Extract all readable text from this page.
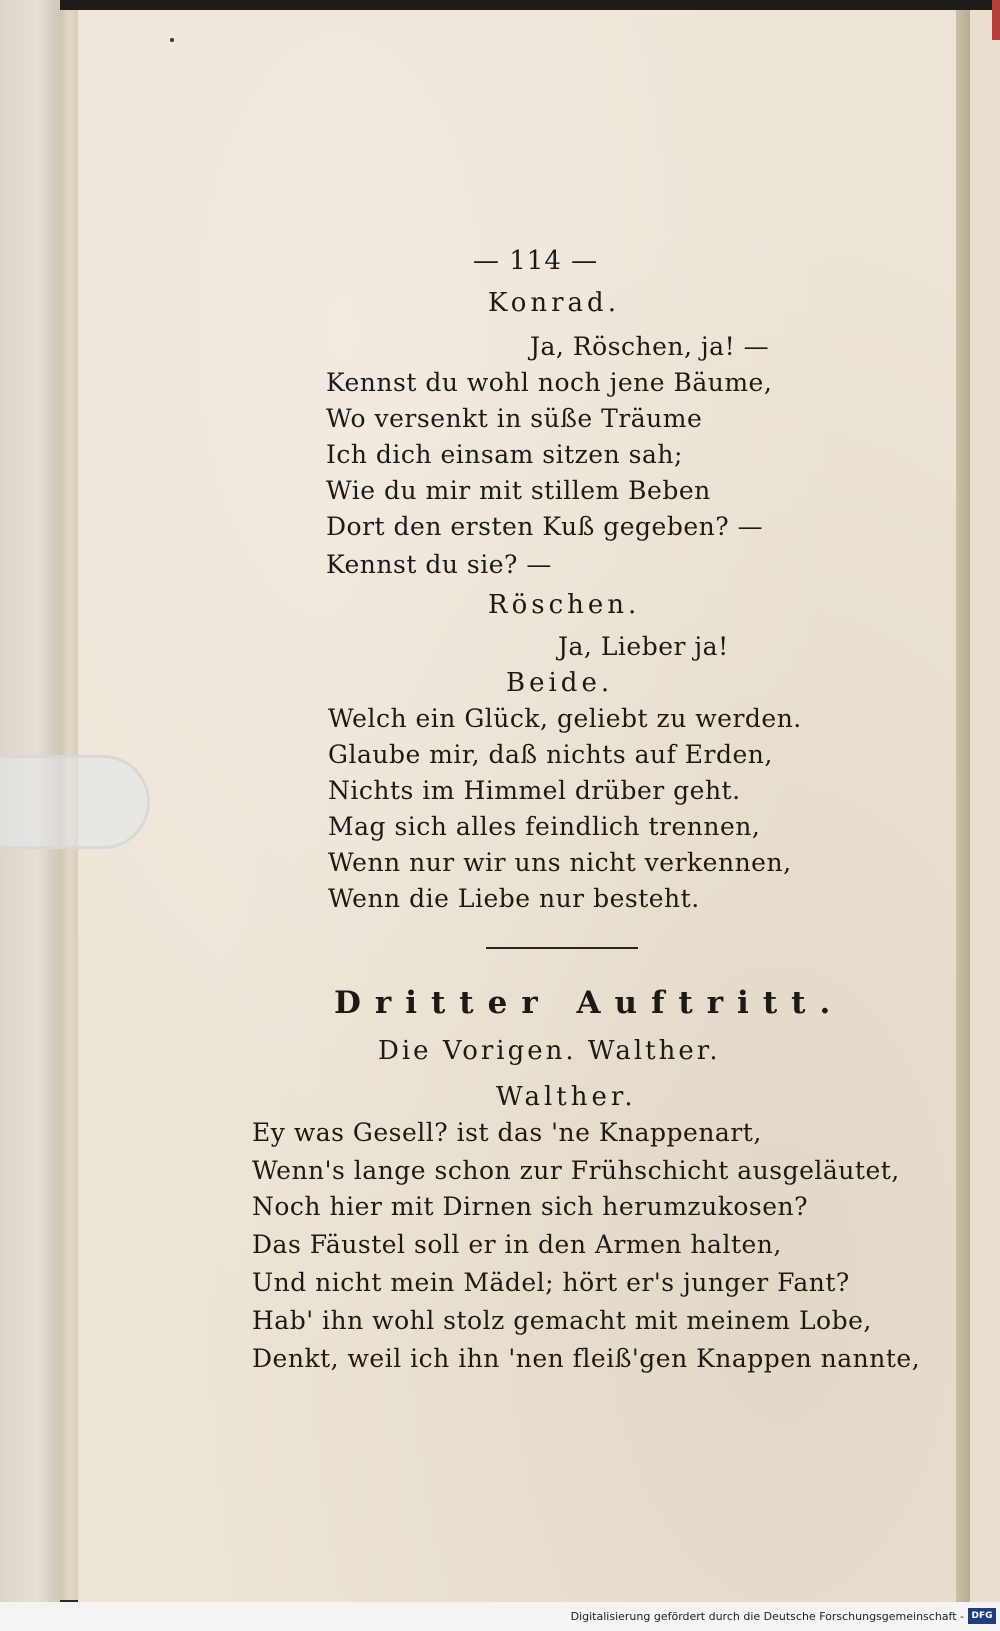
— 114 —

Konrad.

Ja, Röschen, ja! —

Kennst du wohl noch jene Bäume,

Wo versenkt in süße Träume

Ich dich einsam sitzen sah;

Wie du mir mit stillem Beben

Dort den ersten Kuß gegeben? —

Kennst du sie? —

Röschen.

Ja, Lieber ja!

Beide.

Welch ein Glück, geliebt zu werden.

Glaube mir, daß nichts auf Erden,

Nichts im Himmel drüber geht.

Mag sich alles feindlich trennen,

Wenn nur wir uns nicht verkennen,

Wenn die Liebe nur besteht.

Dritter Auftritt.

Die Vorigen. Walther.

Walther.

Ey was Gesell? ist das 'ne Knappenart,

Wenn's lange schon zur Frühschicht ausgeläutet,

Noch hier mit Dirnen sich herumzukosen?

Das Fäustel soll er in den Armen halten,

Und nicht mein Mädel; hört er's junger Fant?

Hab' ihn wohl stolz gemacht mit meinem Lobe,

Denkt, weil ich ihn 'nen fleiß'gen Knappen nannte,

Digitalisierung gefördert durch die Deutsche Forschungsgemeinschaft - DFG
